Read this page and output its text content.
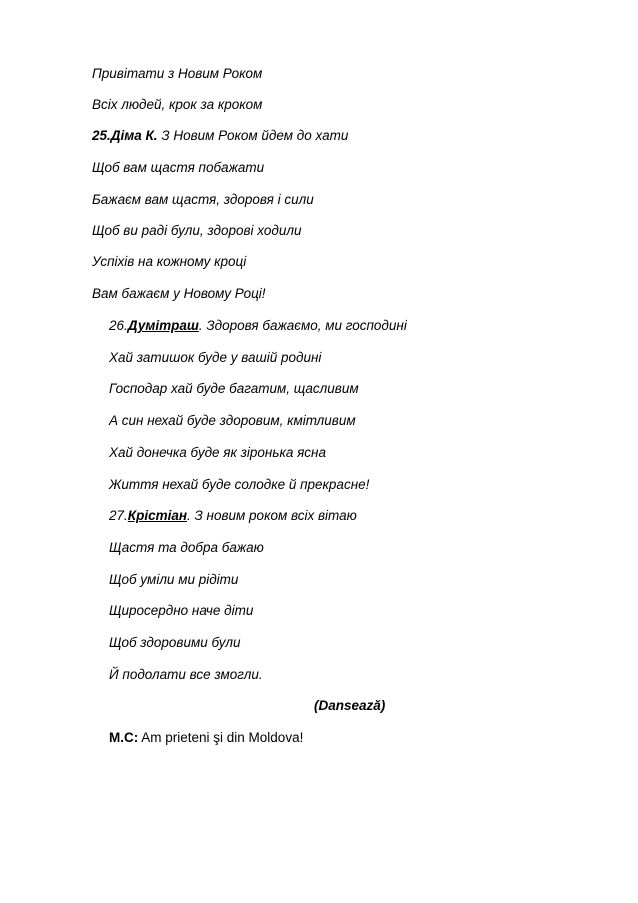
Привітати з Новим Роком
Всіх людей, крок за кроком
25.Діма К. З Новим Роком йдем до хати
Щоб вам щастя побажати
Бажаєм вам щастя, здоровя і сили
Щоб ви раді були, здорові ходили
Успіхів на кожному кроці
Вам бажаєм у Новому Році!
26.Думітраш. Здоровя бажаємо, ми господині
Хай затишок буде у вашій родині
Господар хай буде багатим, щасливим
А син нехай буде здоровим, кмітливим
Хай донечка буде як зіронька ясна
Життя нехай буде солодке й прекрасне!
27.Крістіан. З новим роком всіх вітаю
Щастя та добра бажаю
Щоб уміли ми рідіти
Щиросердно наче діти
Щоб здоровими були
Й подолати все змогли.
(Dansează)
M.C: Am prieteni şi din Moldova!
